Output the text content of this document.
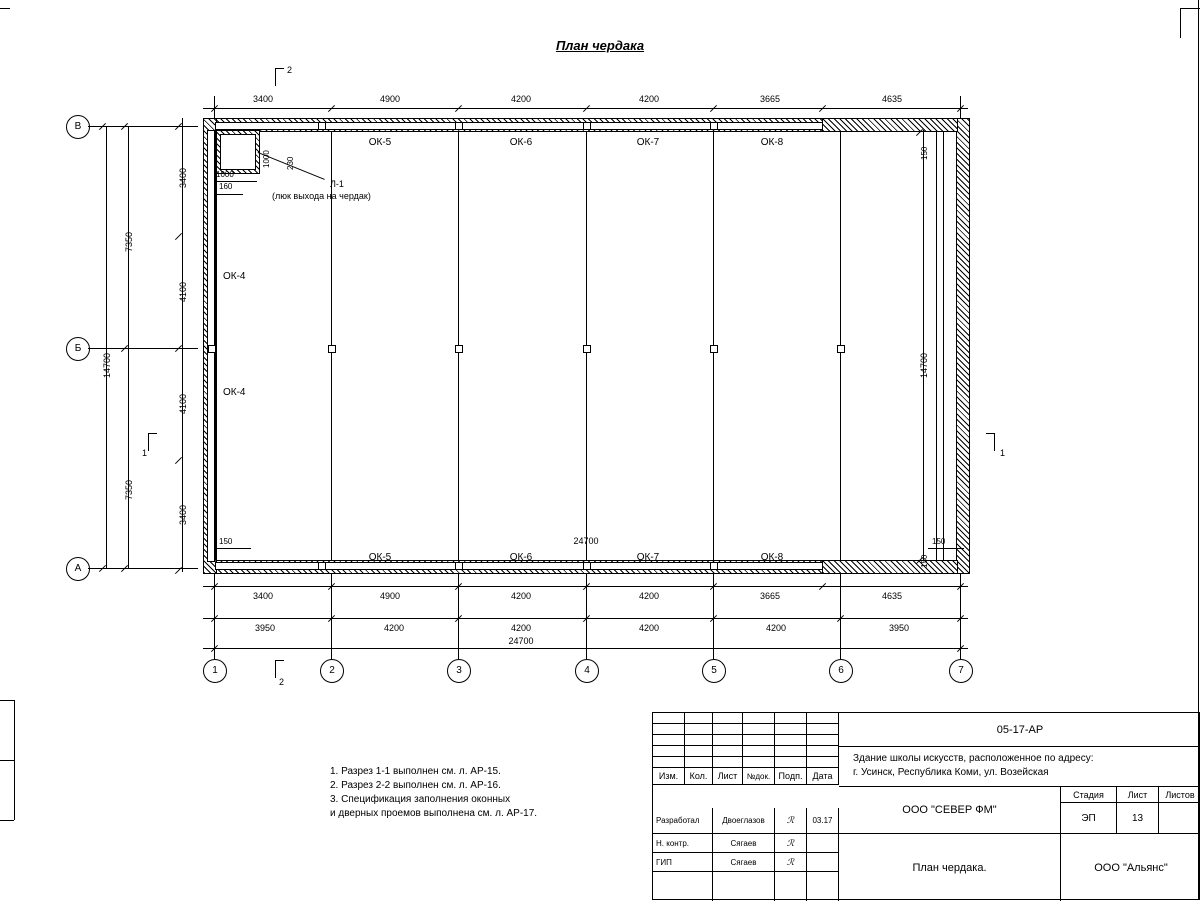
План чердака
В
Б
А
1	2	3	4	5	6	7
ОК-5	ОК-6	ОК-7	ОК-8
ОК-5	ОК-6	ОК-7	ОК-8
ОК-4
ОК-4
Л-1
(люк выхода на чердак)
2
1	1
2
3400	4900	4200	4200	3665	4635
3400	4900	4200	4200	3665	4635
3950	4200	4200	4200	4200	3950
24700
24700
3400
4100
4100
3400
7350
7350
14700	14700
1000 230
1000
160
150
150	150
150
1. Разрез 1-1 выполнен см. л. АР-15.
2. Разрез 2-2 выполнен см. л. АР-16.
3. Спецификация заполнения оконных
и дверных проемов выполнена см. л. АР-17.
Изм.	Кол.	Лист	№док. Подп.	Дата
Разработал	Двоеглазов	ℛ	03.17
Н. контр.	Сягаев	ℛ
ГИП	Сягаев	ℛ
05-17-АР
Здание школы искусств, расположенное по адресу:
г. Усинск, Республика Коми, ул. Возейская
ООО "СЕВЕР ФМ"
Стадия	Лист	Листов
ЭП	13
План чердака.	ООО "Альянс"
